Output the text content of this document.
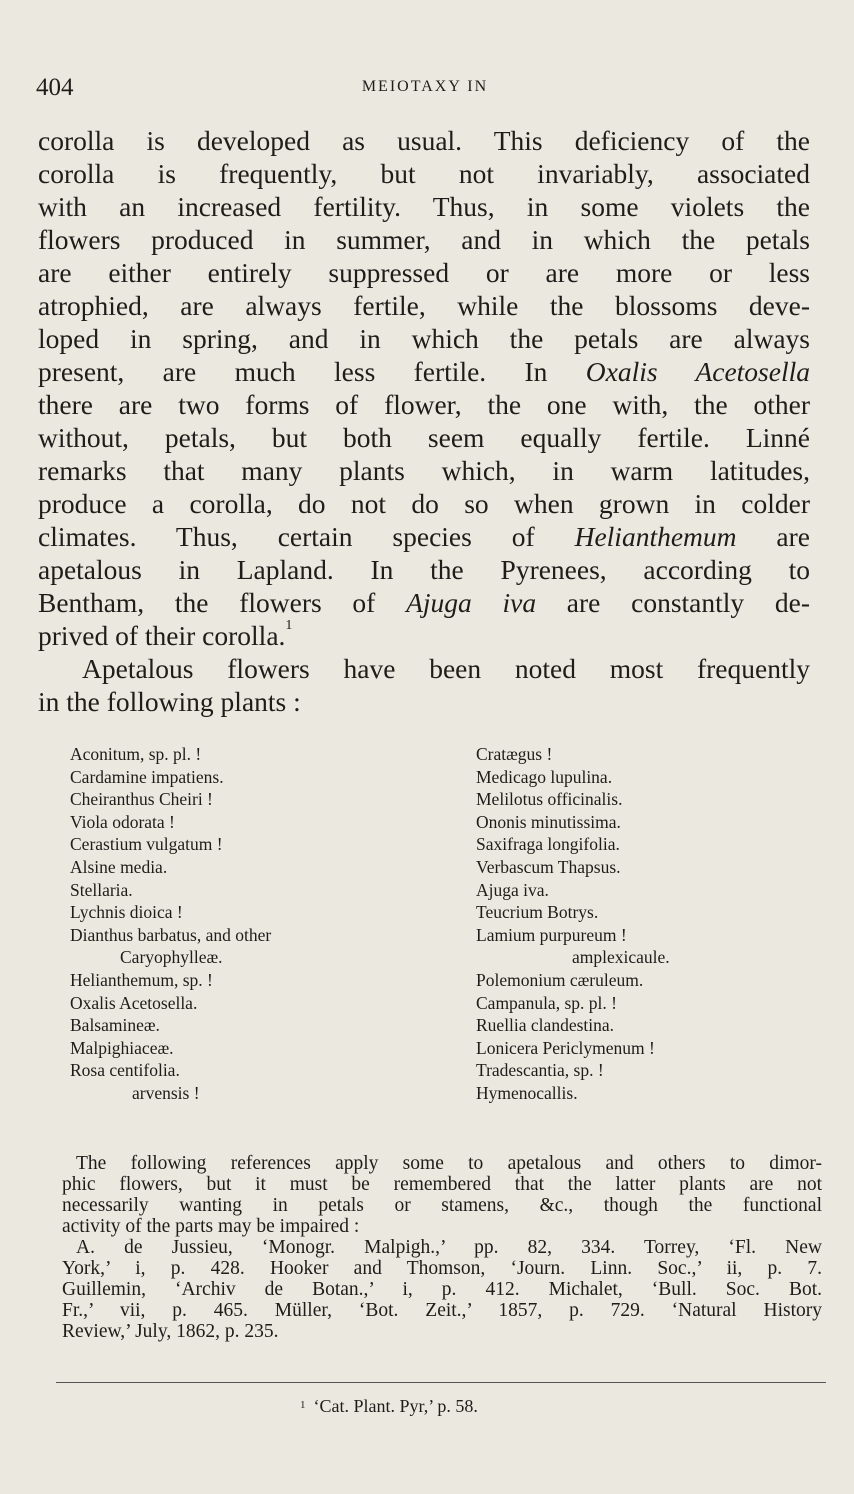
404	MEIOTAXY IN
corolla is developed as usual. This deficiency of the
corolla is frequently, but not invariably, associated
with an increased fertility. Thus, in some violets the
flowers produced in summer, and in which the petals
are either entirely suppressed or are more or less
atrophied, are always fertile, while the blossoms deve-
loped in spring, and in which the petals are always
present, are much less fertile. In Oxalis Acetosella
there are two forms of flower, the one with, the other
without, petals, but both seem equally fertile. Linné
remarks that many plants which, in warm latitudes,
produce a corolla, do not do so when grown in colder
climates. Thus, certain species of Helianthemum are
apetalous in Lapland. In the Pyrenees, according to
Bentham, the flowers of Ajuga iva are constantly de-
prived of their corolla.$^1$
Apetalous flowers have been noted most frequently
in the following plants :
Aconitum, sp. pl. !
Cardamine impatiens.
Cheiranthus Cheiri !
Viola odorata !
Cerastium vulgatum !
Alsine media.
Stellaria.
Lychnis dioica !
Dianthus barbatus, and other
Caryophylleæ.
Helianthemum, sp. !
Oxalis Acetosella.
Balsamineæ.
Malpighiaceæ.
Rosa centifolia.
arvensis !
Cratægus !
Medicago lupulina.
Melilotus officinalis.
Ononis minutissima.
Saxifraga longifolia.
Verbascum Thapsus.
Ajuga iva.
Teucrium Botrys.
Lamium purpureum !
amplexicaule.
Polemonium cæruleum.
Campanula, sp. pl. !
Ruellia clandestina.
Lonicera Periclymenum !
Tradescantia, sp. !
Hymenocallis.
The following references apply some to apetalous and others to dimor-
phic flowers, but it must be remembered that the latter plants are not
necessarily wanting in petals or stamens, &c., though the functional
activity of the parts may be impaired :
A. de Jussieu, ‘Monogr. Malpigh.,’ pp. 82, 334. Torrey, ‘Fl. New
York,’ i, p. 428. Hooker and Thomson, ‘Journ. Linn. Soc.,’ ii, p. 7.
Guillemin, ‘Archiv de Botan.,’ i, p. 412. Michalet, ‘Bull. Soc. Bot.
Fr.,’ vii, p. 465. Müller, ‘Bot. Zeit.,’ 1857, p. 729. ‘Natural History
Review,’ July, 1862, p. 235.
$^1$ ‘Cat. Plant. Pyr,’ p. 58.
